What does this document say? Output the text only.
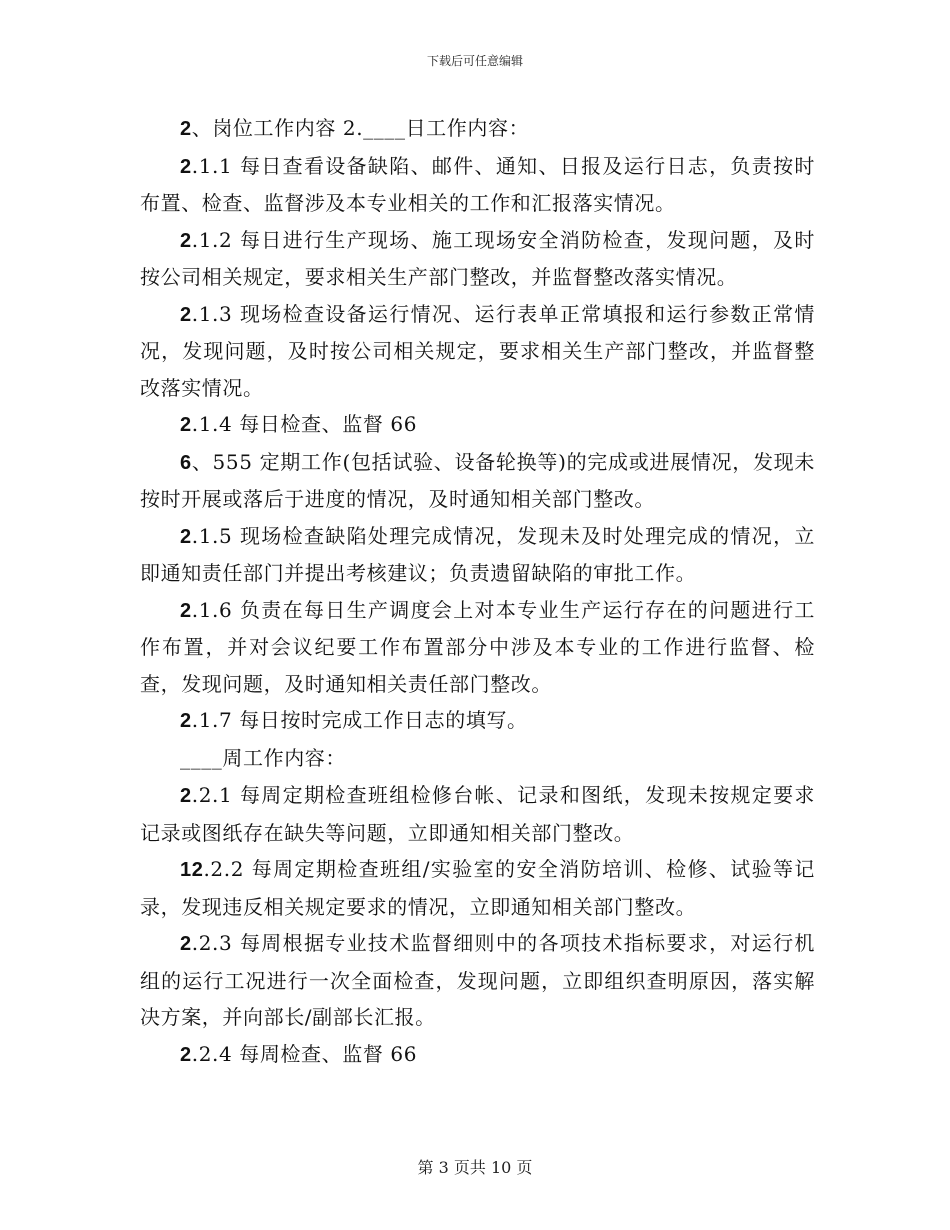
下载后可任意编辑

2、岗位工作内容 2.____日工作内容：

2.1.1 每日查看设备缺陷、邮件、通知、日报及运行日志，负责按时布置、检查、监督涉及本专业相关的工作和汇报落实情况。

2.1.2 每日进行生产现场、施工现场安全消防检查，发现问题，及时按公司相关规定，要求相关生产部门整改，并监督整改落实情况。

2.1.3 现场检查设备运行情况、运行表单正常填报和运行参数正常情况，发现问题，及时按公司相关规定，要求相关生产部门整改，并监督整改落实情况。

2.1.4 每日检查、监督 66

6、555 定期工作(包括试验、设备轮换等)的完成或进展情况，发现未按时开展或落后于进度的情况，及时通知相关部门整改。

2.1.5 现场检查缺陷处理完成情况，发现未及时处理完成的情况，立即通知责任部门并提出考核建议；负责遗留缺陷的审批工作。

2.1.6 负责在每日生产调度会上对本专业生产运行存在的问题进行工作布置，并对会议纪要工作布置部分中涉及本专业的工作进行监督、检查，发现问题，及时通知相关责任部门整改。

2.1.7 每日按时完成工作日志的填写。

____周工作内容：

2.2.1 每周定期检查班组检修台帐、记录和图纸，发现未按规定要求记录或图纸存在缺失等问题，立即通知相关部门整改。

12.2.2 每周定期检查班组/实验室的安全消防培训、检修、试验等记录，发现违反相关规定要求的情况，立即通知相关部门整改。

2.2.3 每周根据专业技术监督细则中的各项技术指标要求，对运行机组的运行工况进行一次全面检查，发现问题，立即组织查明原因，落实解决方案，并向部长/副部长汇报。

2.2.4 每周检查、监督 66

第 3 页共 10 页
